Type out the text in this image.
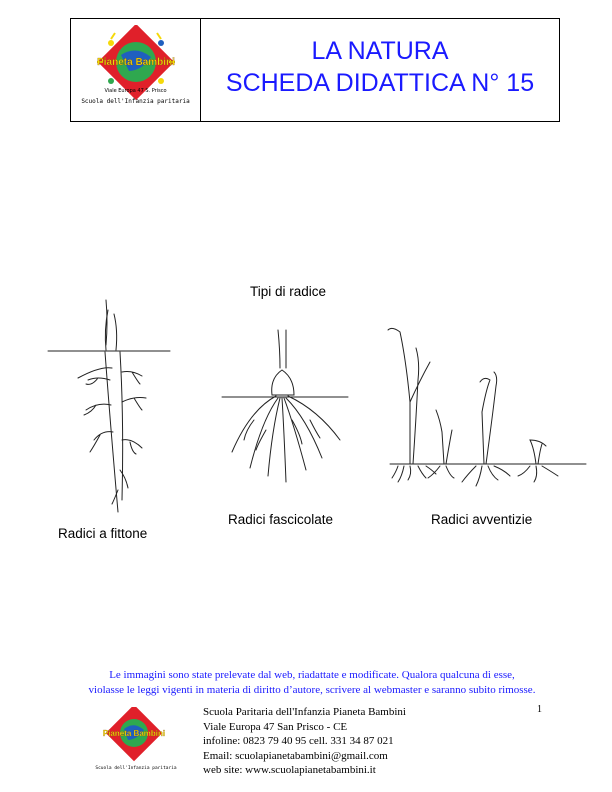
Pianeta Bambini
Viale Europa 47 S. Prisco
Scuola dell'Infanzia paritaria
LA NATURA
SCHEDA DIDATTICA N° 15
Tipi di radice
Radici a fittone
Radici fascicolate	Radici avventizie
Le immagini sono state prelevate dal web, riadattate e modificate. Qualora qualcuna di esse,
violasse le leggi vigenti in materia di diritto d’autore, scrivere al webmaster e saranno subito rimosse.
Pianeta Bambini
Scuola dell'Infanzia paritaria
Scuola Paritaria dell'Infanzia Pianeta Bambini
Viale Europa 47 San Prisco - CE
infoline: 0823 79 40 95 cell. 331 34 87 021
Email: scuolapianetabambini@gmail.com
web site: www.scuolapianetabambini.it
1
